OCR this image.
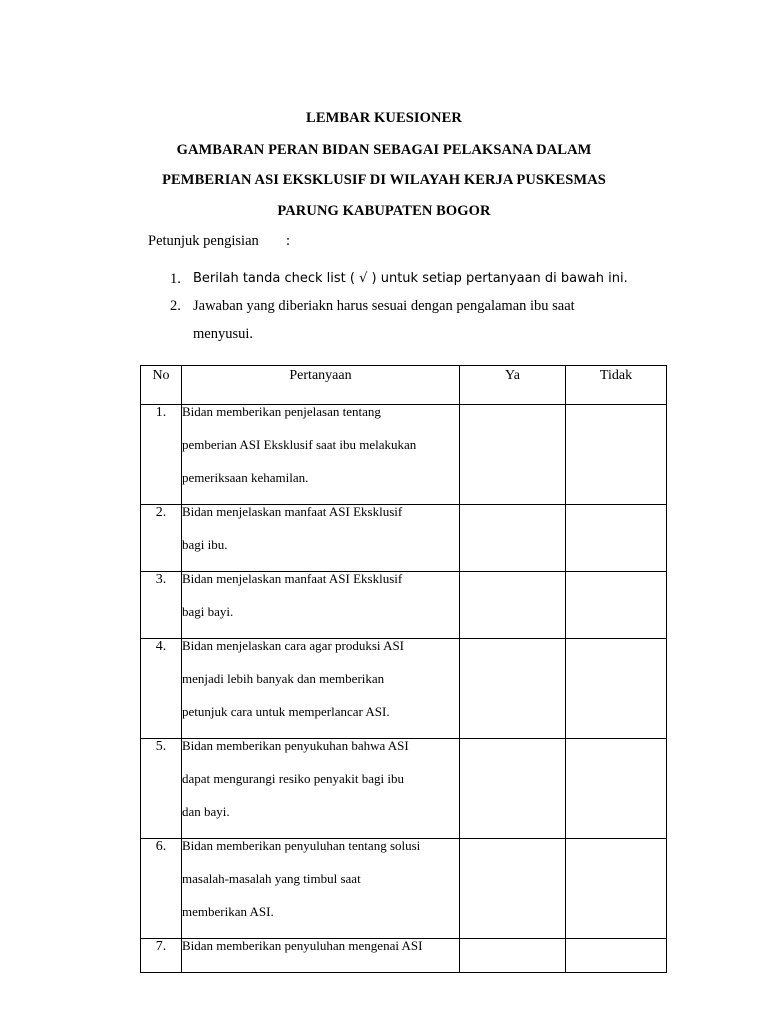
LEMBAR KUESIONER
GAMBARAN PERAN BIDAN SEBAGAI PELAKSANA DALAM
PEMBERIAN ASI EKSKLUSIF DI WILAYAH KERJA PUSKESMAS
PARUNG KABUPATEN BOGOR
Petunjuk pengisian :
1. Berilah tanda check list ( √ ) untuk setiap pertanyaan di bawah ini.
2. Jawaban yang diberiakn harus sesuai dengan pengalaman ibu saat
menyusui.
No	Pertanyaan	Ya	Tidak
1.	Bidan memberikan penjelasan tentang
pemberian ASI Eksklusif saat ibu melakukan
pemeriksaan kehamilan.		

2.	Bidan menjelaskan manfaat ASI Eksklusif
bagi ibu.		

3.	Bidan menjelaskan manfaat ASI Eksklusif
bagi bayi.		

4.	Bidan menjelaskan cara agar produksi ASI
menjadi lebih banyak dan memberikan
petunjuk cara untuk memperlancar ASI.		

5.	Bidan memberikan penyukuhan bahwa ASI
dapat mengurangi resiko penyakit bagi ibu
dan bayi.		

6.	Bidan memberikan penyuluhan tentang solusi
masalah-masalah yang timbul saat
memberikan ASI.		

7.	Bidan memberikan penyuluhan mengenai ASI		
